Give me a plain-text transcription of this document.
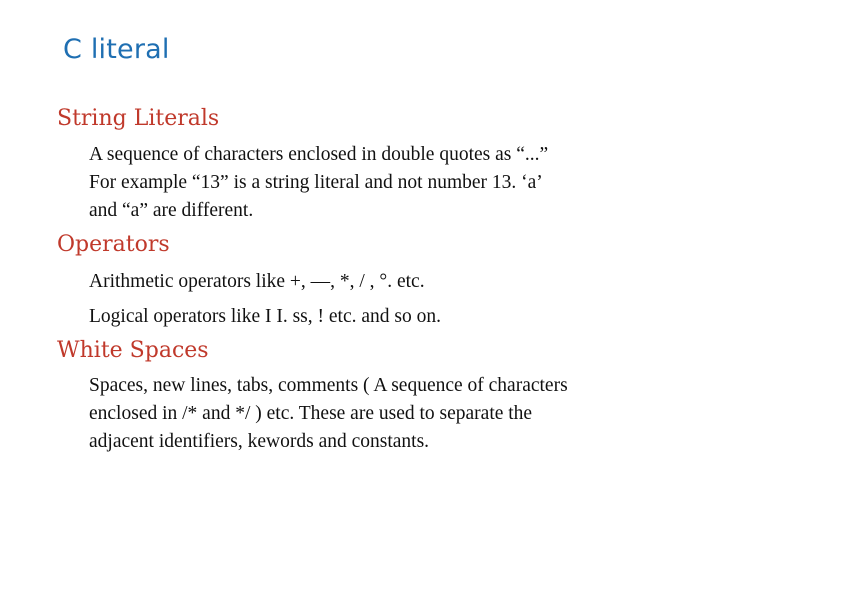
C literal
String Literals
A sequence of characters enclosed in double quotes as “...”
For example “13” is a string literal and not number 13. ‘a’
and “a” are different.
Operators
Arithmetic operators like +, —, *, / , °. etc.
Logical operators like I I. ss, ! etc. and so on.
White Spaces
Spaces, new lines, tabs, comments ( A sequence of characters
enclosed in /* and */ ) etc. These are used to separate the
adjacent identifiers, kewords and constants.
